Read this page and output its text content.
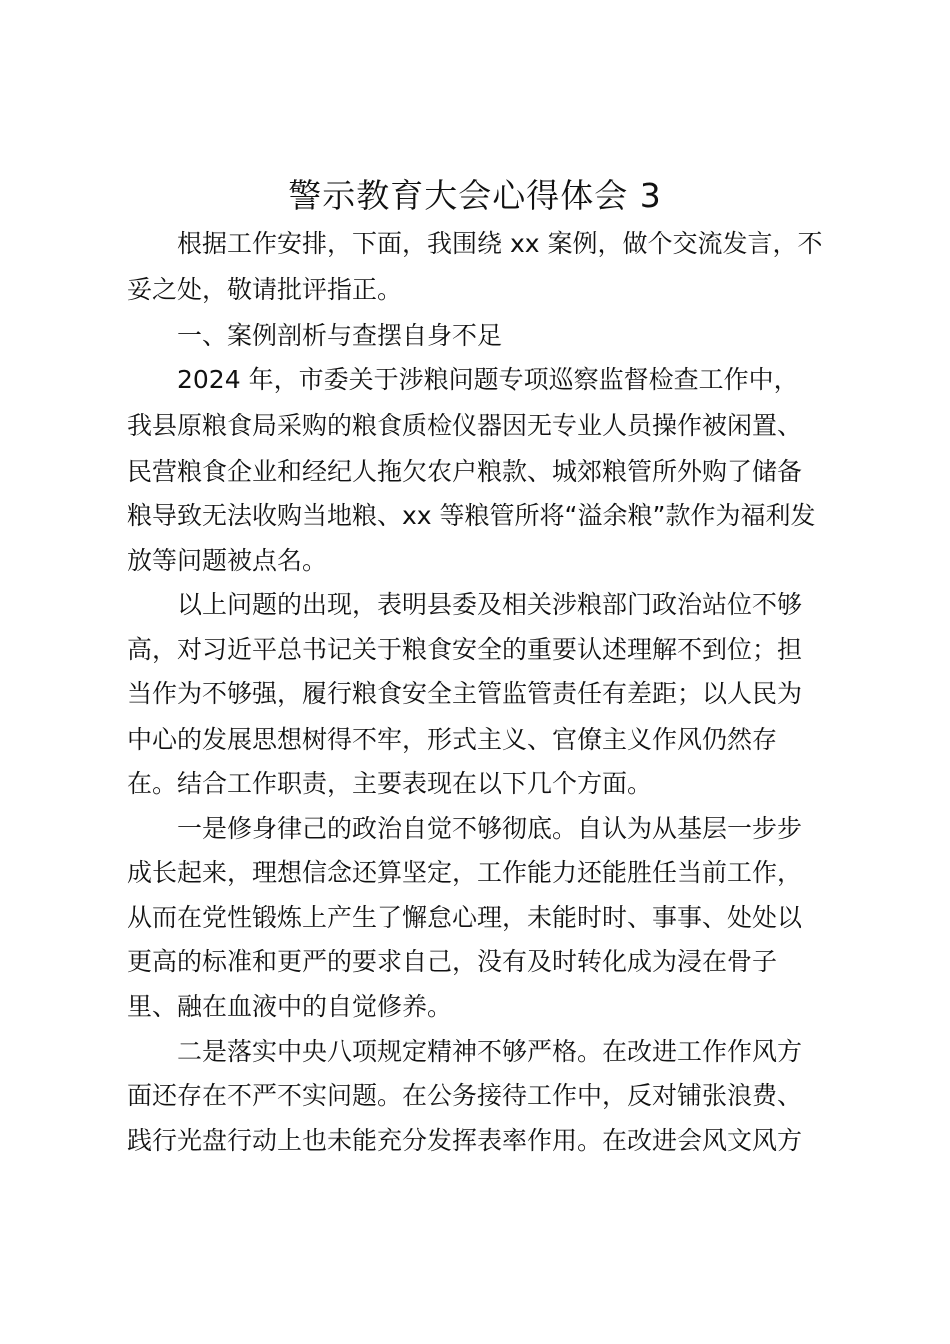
警示教育大会心得体会 3

根据工作安排，下面，我围绕 xx 案例，做个交流发言，不

妥之处，敬请批评指正。

一、案例剖析与查摆自身不足

2024 年，市委关于涉粮问题专项巡察监督检查工作中，

我县原粮食局采购的粮食质检仪器因无专业人员操作被闲置、

民营粮食企业和经纪人拖欠农户粮款、城郊粮管所外购了储备

粮导致无法收购当地粮、xx 等粮管所将“溢余粮”款作为福利发

放等问题被点名。

以上问题的出现，表明县委及相关涉粮部门政治站位不够

高，对习近平总书记关于粮食安全的重要认述理解不到位；担

当作为不够强，履行粮食安全主管监管责任有差距；以人民为

中心的发展思想树得不牢，形式主义、官僚主义作风仍然存

在。结合工作职责，主要表现在以下几个方面。

一是修身律己的政治自觉不够彻底。自认为从基层一步步

成长起来，理想信念还算坚定，工作能力还能胜任当前工作，

从而在党性锻炼上产生了懈怠心理，未能时时、事事、处处以

更高的标准和更严的要求自己，没有及时转化成为浸在骨子

里、融在血液中的自觉修养。

二是落实中央八项规定精神不够严格。在改进工作作风方

面还存在不严不实问题。在公务接待工作中，反对铺张浪费、

践行光盘行动上也未能充分发挥表率作用。在改进会风文风方
